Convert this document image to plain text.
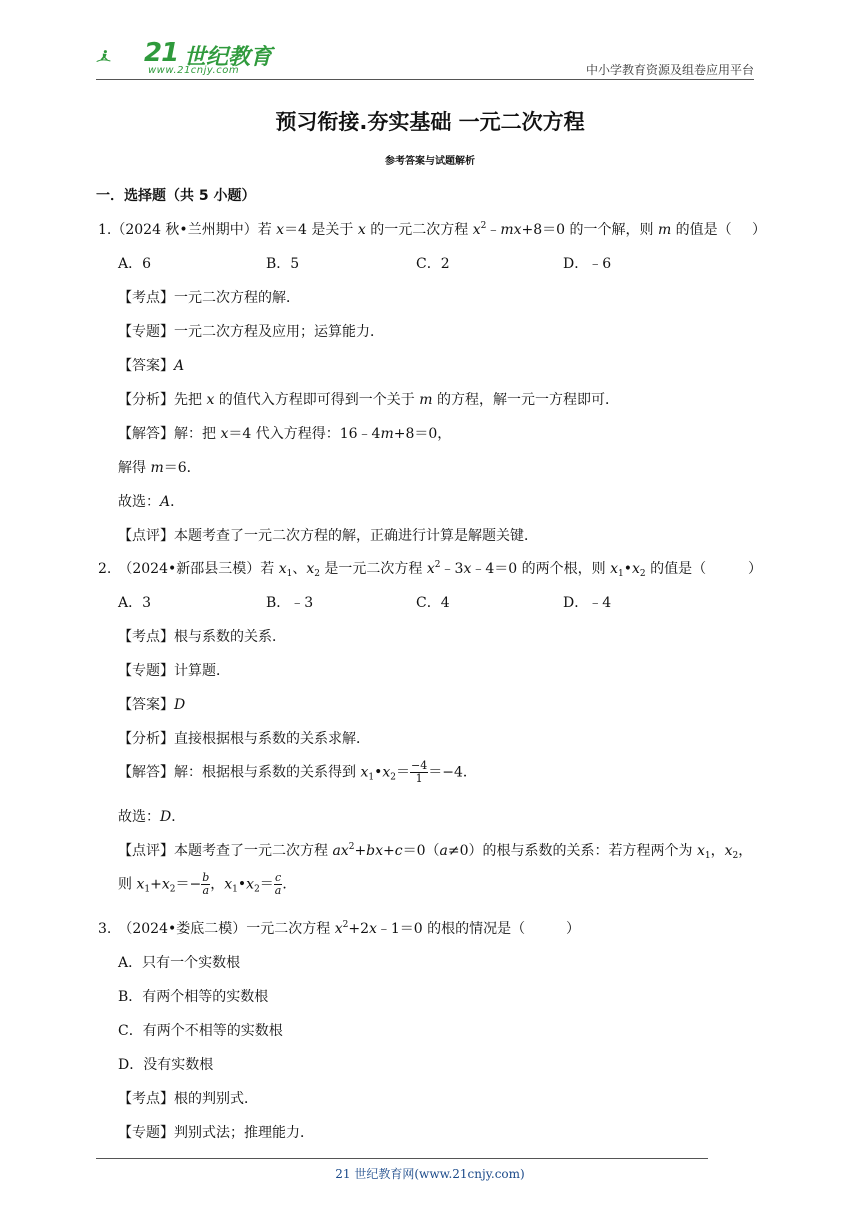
21 世纪教育
www.21cnjy.com	中小学教育资源及组卷应用平台
预习衔接.夯实基础 一元二次方程
参考答案与试题解析
一．选择题（共 5 小题）
1.（2024 秋•兰州期中）若 x＝4 是关于 x 的一元二次方程 $x^2﹣mx+8=0$ 的一个解，则 m 的值是（ ）
A．6	B．5	C．2	D．﹣6
【考点】一元二次方程的解．
【专题】一元二次方程及应用；运算能力．
【答案】A
【分析】先把 x 的值代入方程即可得到一个关于 m 的方程，解一元一方程即可．
【解答】解：把 x＝4 代入方程得：16﹣4m+8＝0，
解得 m＝6．
故选：A．
【点评】本题考查了一元二次方程的解，正确进行计算是解题关键．
2.　（2024•新邵县三模）若 $x_1$、$x_2$ 是一元二次方程 $x^2﹣3x﹣4=0$ 的两个根，则 $x_1•x_2$ 的值是（	）
A．3	B．﹣3	C．4	D．﹣4
【考点】根与系数的关系．
【专题】计算题．
【答案】D
【分析】直接根据根与系数的关系求解．
【解答】解：根据根与系数的关系得到 $x_1•x_2= \frac{-4}{1} =-4$．
故选：D．
【点评】本题考查了一元二次方程 $ax^2+bx+c=0(a\ne 0)$的根与系数的关系：若方程两个为 $x_1$，$x_2$，
则 $x_1+x_2=- \frac{b}{a}$ ，$x_1•x_2= \frac{c}{a}$ ．
3.　（2024•娄底二模）一元二次方程 $x^2+2x﹣1=0$ 的根的情况是（	）
A．只有一个实数根
B．有两个相等的实数根
C．有两个不相等的实数根
D．没有实数根
【考点】根的判别式．
【专题】判别式法；推理能力．
21 世纪教育网(www.21cnjy.com)
